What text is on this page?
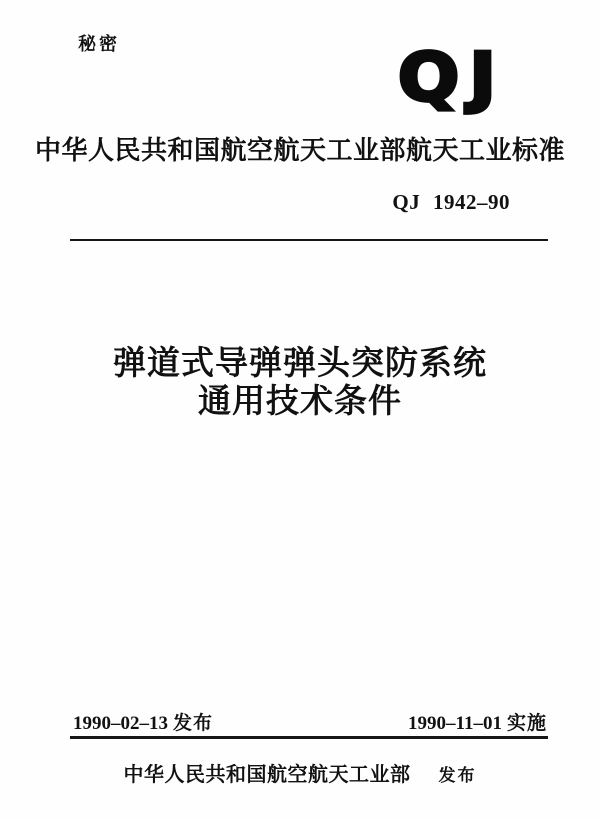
秘密	QJ
中华人民共和国航空航天工业部航天工业标准
QJ 1942–90
弹道式导弹弹头突防系统
通用技术条件
1990–02–13 发布	1990–11–01 实施
中华人民共和国航空航天工业部 发布
